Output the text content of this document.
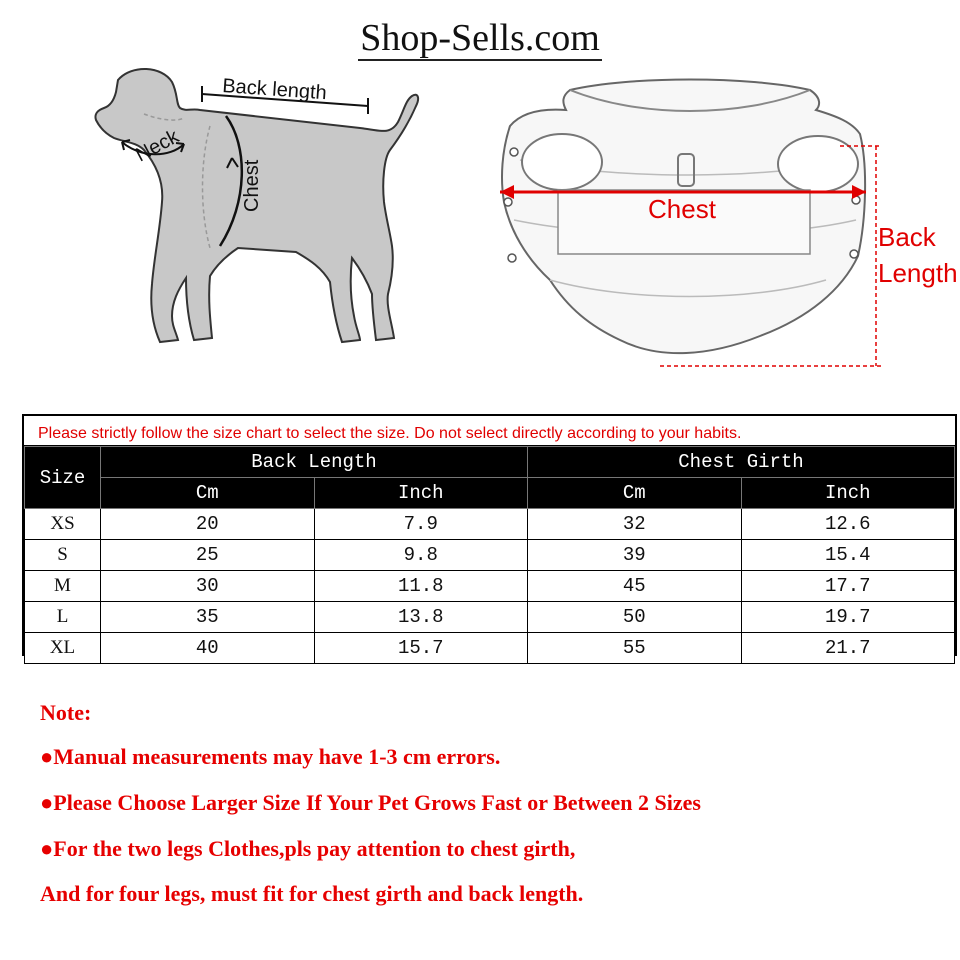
Shop-Sells.com
Back length
Neck
Chest	Chest
Back
Length
Please strictly follow the size chart to select the size. Do not select directly according to your habits.
Size	Back Length		Chest Girth	
	Cm	Inch	Cm	Inch
XS	20	7.9	32	12.6
S	25	9.8	39	15.4
M	30	11.8	45	17.7
L	35	13.8	50	19.7
XL	40	15.7	55	21.7
Note:
●Manual measurements may have 1-3 cm errors.
●Please Choose Larger Size If Your Pet Grows Fast or Between 2 Sizes
●For the two legs Clothes,pls pay attention to chest girth,
And for four legs, must fit for chest girth and back length.
